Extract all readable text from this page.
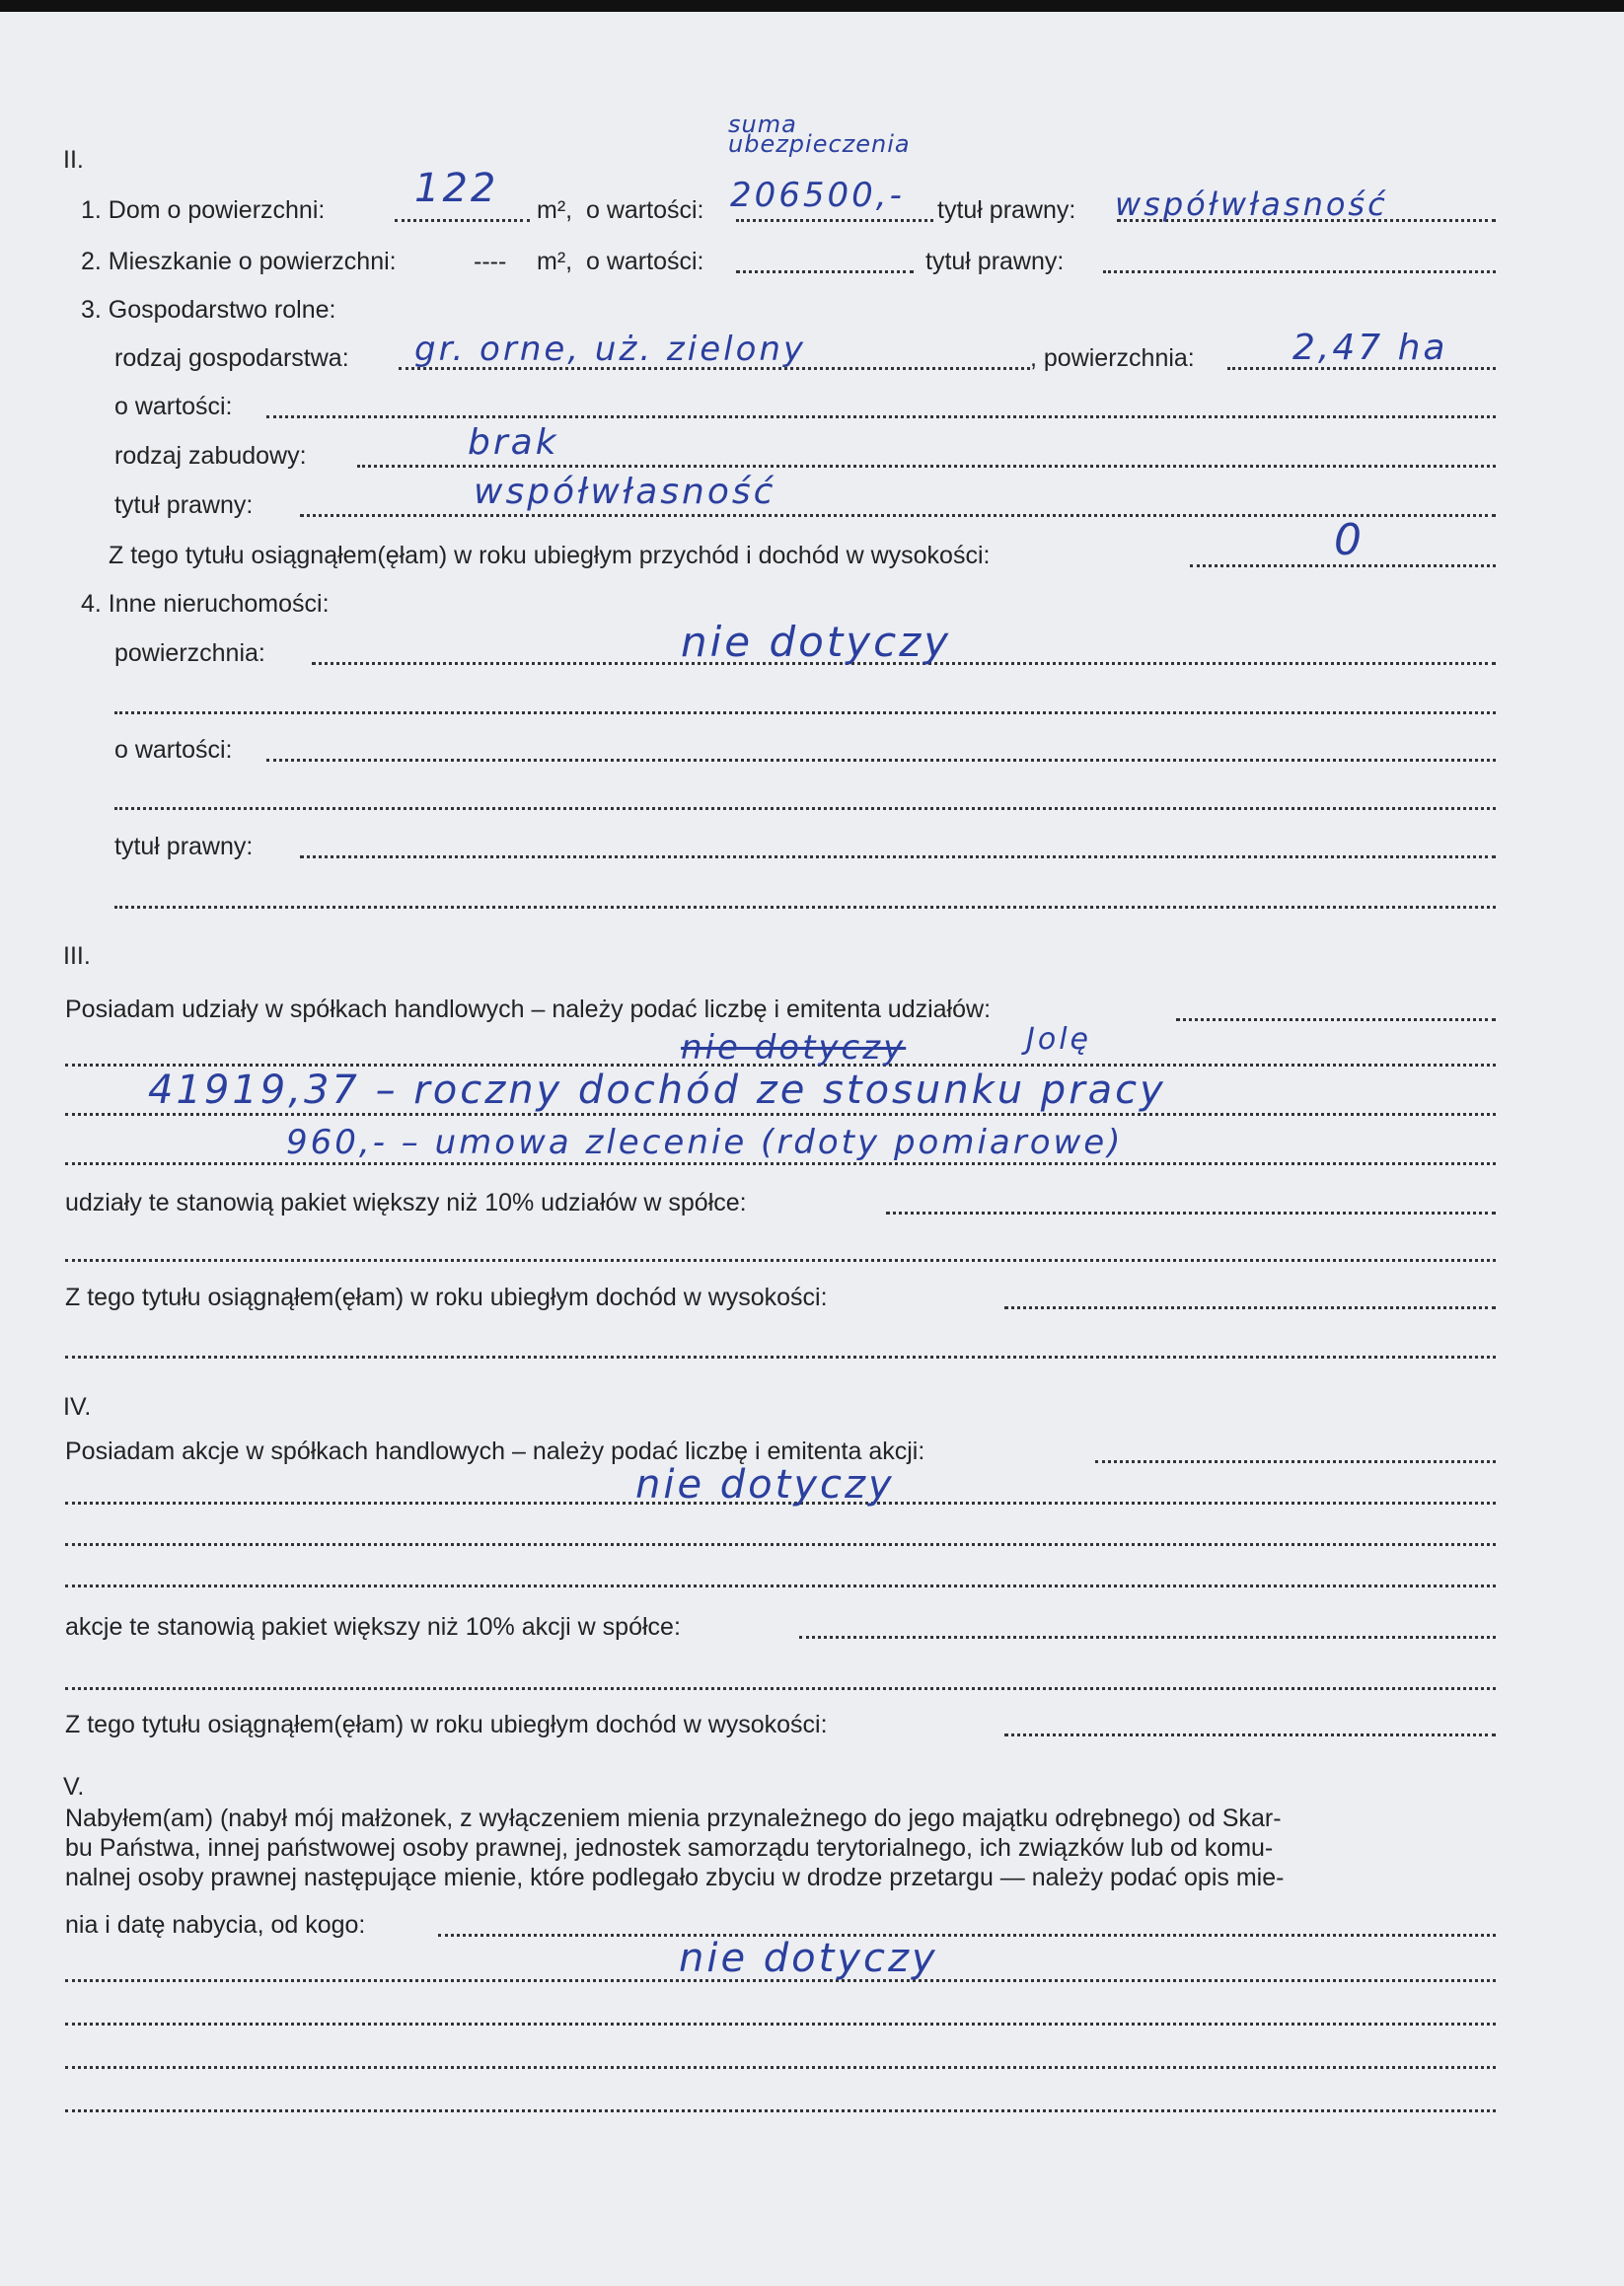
II.
suma
ubezpieczenia
1. Dom o powierzchni: 122 m², o wartości: 206500,- tytuł prawny: współwłasność
2. Mieszkanie o powierzchni:	---- m², o wartości:	tytuł prawny:
3. Gospodarstwo rolne:
rodzaj gospodarstwa: gr. orne, uż. zielony	, powierzchnia:	2,47 ha
o wartości:
rodzaj zabudowy:	brak
tytuł prawny:	współwłasność
Z tego tytułu osiągnąłem(ęłam) w roku ubiegłym przychód i dochód w wysokości:	0
4. Inne nieruchomości:
powierzchnia:	nie dotyczy
o wartości:
tytuł prawny:
III.
Posiadam udziały w spółkach handlowych – należy podać liczbę i emitenta udziałów:
nie dotyczy	Jolę
41919,37 – roczny dochód ze stosunku pracy
960,- – umowa zlecenie (rdoty pomiarowe)
udziały te stanowią pakiet większy niż 10% udziałów w spółce:
Z tego tytułu osiągnąłem(ęłam) w roku ubiegłym dochód w wysokości:
IV.
Posiadam akcje w spółkach handlowych – należy podać liczbę i emitenta akcji:
nie dotyczy
akcje te stanowią pakiet większy niż 10% akcji w spółce:
Z tego tytułu osiągnąłem(ęłam) w roku ubiegłym dochód w wysokości:
V.
Nabyłem(am) (nabył mój małżonek, z wyłączeniem mienia przynależnego do jego majątku odrębnego) od Skar-
bu Państwa, innej państwowej osoby prawnej, jednostek samorządu terytorialnego, ich związków lub od komu-
nalnej osoby prawnej następujące mienie, które podlegało zbyciu w drodze przetargu — należy podać opis mie-
nia i datę nabycia, od kogo:
nie dotyczy
